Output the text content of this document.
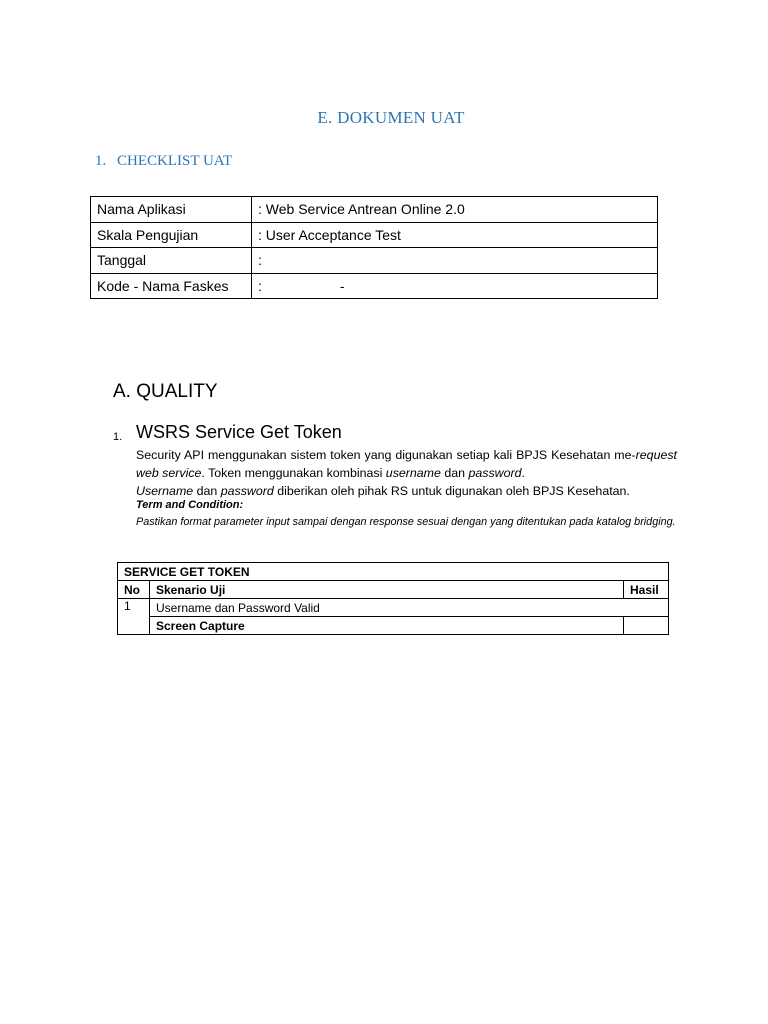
E. DOKUMEN UAT
1. CHECKLIST UAT
Nama Aplikasi	: Web Service Antrean Online 2.0
Skala Pengujian	: User Acceptance Test
Tanggal	:
Kode - Nama Faskes	: -
A. QUALITY
1. WSRS Service Get Token
Security API menggunakan sistem token yang digunakan setiap kali BPJS Kesehatan me-request web service. Token menggunakan kombinasi username dan password.
Username dan password diberikan oleh pihak RS untuk digunakan oleh BPJS Kesehatan.
Term and Condition:
Pastikan format parameter input sampai dengan response sesuai dengan yang ditentukan pada katalog bridging.
SERVICE GET TOKEN		
No	Skenario Uji	Hasil
1	Username dan Password Valid	
	Screen Capture	
